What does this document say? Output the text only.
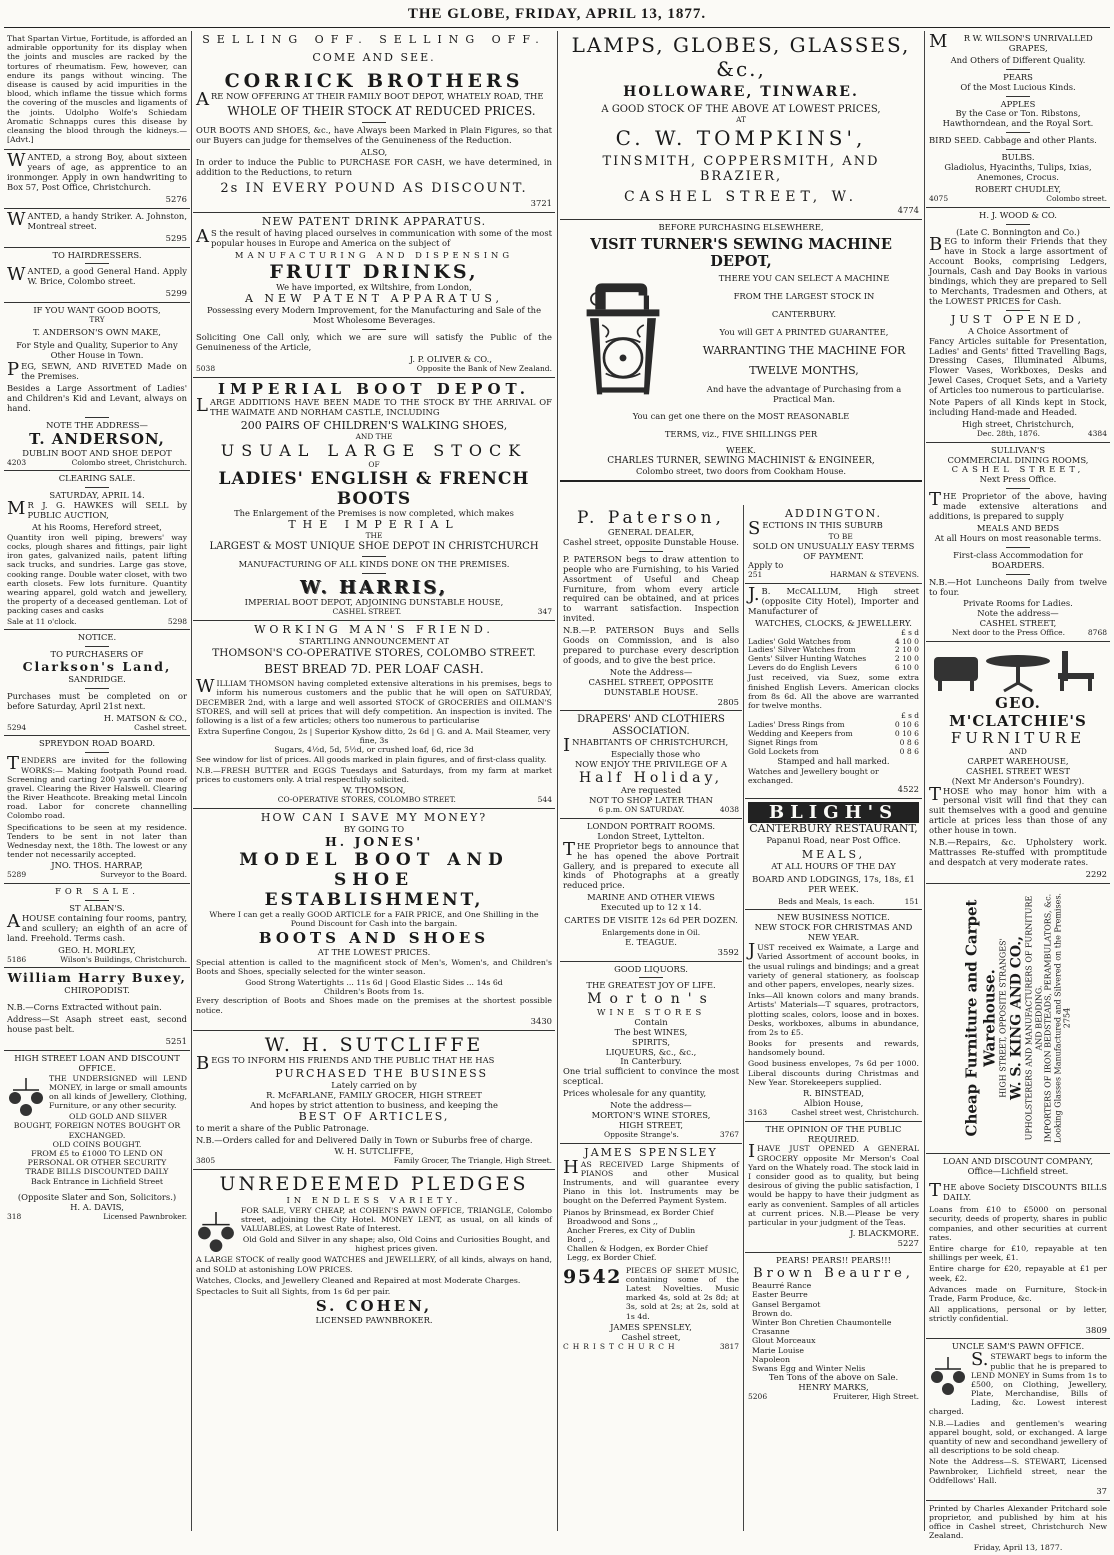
THE GLOBE, FRIDAY, APRIL 13, 1877.

That Spartan Virtue, Fortitude, is afforded an admirable opportunity for its display when the joints and muscles are racked by the tortures of rheumatism. Few, however, can endure its pangs without wincing. The disease is caused by acid impurities in the blood, which inflame the tissue which forms the covering of the muscles and ligaments of the joints. Udolpho Wolfe's Schiedam Aromatic Schnapps cures this disease by cleansing the blood through the kidneys.—[Advt.]

WANTED, a strong Boy, about sixteen years of age, as apprentice to an ironmonger. Apply in own handwriting to Box 57, Post Office, Christchurch.

5276

WANTED, a handy Striker. A. Johnston, Montreal street.

5295
TO HAIRDRESSERS.

WANTED, a good General Hand. Apply W. Brice, Colombo street.

5299
IF YOU WANT GOOD BOOTS,
TRY
T. ANDERSON'S OWN MAKE,

For Style and Quality, Superior to Any Other House in Town.

PEG, SEWN, AND RIVETED Made on the Premises.

Besides a Large Assortment of Ladies' and Children's Kid and Levant, always on hand.

NOTE THE ADDRESS—
T. ANDERSON,
DUBLIN BOOT AND SHOE DEPOT
4203	Colombo street, Christchurch.
CLEARING SALE.
SATURDAY, APRIL 14.

MR J. G. HAWKES will SELL by PUBLIC AUCTION,

At his Rooms, Hereford street,

Quantity iron well piping, brewers' way cocks, plough shares and fittings, pair light iron gates, galvanized nails, patent lifting sack trucks, and sundries. Large gas stove, cooking range. Double water closet, with two earth closets. Few lots furniture. Quantity wearing apparel, gold watch and jewellery, the property of a deceased gentleman. Lot of packing cases and casks

Sale at 11 o'clock.	5298
NOTICE.
TO PURCHASERS OF
Clarkson's Land,
SANDRIDGE.

Purchases must be completed on or before Saturday, April 21st next.

H. MATSON & CO.,
5294	Cashel street.
SPREYDON ROAD BOARD.

TENDERS are invited for the following WORKS:— Making footpath Pound road. Screening and carting 200 yards or more of gravel. Clearing the River Halswell. Clearing the River Heathcote. Breaking metal Lincoln road. Labor for concrete channelling Colombo road.

Specifications to be seen at my residence. Tenders to be sent in not later than Wednesday next, the 18th. The lowest or any tender not necessarily accepted.

JNO. THOS. HARRAP,
5289	Surveyor to the Board.
FOR SALE.
ST ALBAN'S.

AHOUSE containing four rooms, pantry, and scullery; an eighth of an acre of land. Freehold. Terms cash.

GEO. H. MORLEY,
5186	Wilson's Buildings, Christchurch.
William Harry Buxey,
CHIROPODIST.

N.B.—Corns Extracted without pain.

Address—St Asaph street east, second house past belt.

5251
HIGH STREET LOAN AND DISCOUNT OFFICE.

THE UNDERSIGNED will LEND MONEY, in large or small amounts on all kinds of Jewellery, Clothing, Furniture, or any other security.

OLD GOLD AND SILVER BOUGHT, FOREIGN NOTES BOUGHT OR EXCHANGED.
OLD COINS BOUGHT.
FROM £5 to £1000 TO LEND ON PERSONAL OR OTHER SECURITY
TRADE BILLS DISCOUNTED DAILY
Back Entrance in Lichfield Street
(Opposite Slater and Son, Solicitors.)
H. A. DAVIS,
318	Licensed Pawnbroker.
SELLING OFF. SELLING OFF.
COME AND SEE.
CORRICK BROTHERS

ARE NOW OFFERING AT THEIR FAMILY BOOT DEPOT, WHATELY ROAD, THE

WHOLE OF THEIR STOCK AT REDUCED PRICES.

OUR BOOTS AND SHOES, &c., have Always been Marked in Plain Figures, so that our Buyers can judge for themselves of the Genuineness of the Reduction.

ALSO,

In order to induce the Public to PURCHASE FOR CASH, we have determined, in addition to the Reductions, to return

2s IN EVERY POUND AS DISCOUNT.
3721
NEW PATENT DRINK APPARATUS.

AS the result of having placed ourselves in communication with some of the most popular houses in Europe and America on the subject of

MANUFACTURING AND DISPENSING
FRUIT DRINKS,
We have imported, ex Wiltshire, from London,
A NEW PATENT APPARATUS,

Possessing every Modern Improvement, for the Manufacturing and Sale of the Most Wholesome Beverages.

Soliciting One Call only, which we are sure will satisfy the Public of the Genuineness of the Article,

J. P. OLIVER & CO.,
5038	Opposite the Bank of New Zealand.
IMPERIAL BOOT DEPOT.

LARGE ADDITIONS HAVE BEEN MADE TO THE STOCK BY THE ARRIVAL OF THE WAIMATE AND NORHAM CASTLE, INCLUDING

200 PAIRS OF CHILDREN'S WALKING SHOES,
AND THE
USUAL LARGE STOCK
OF
LADIES' ENGLISH & FRENCH BOOTS
The Enlargement of the Premises is now completed, which makes
THE IMPERIAL
THE
LARGEST & MOST UNIQUE SHOE DEPOT IN CHRISTCHURCH
MANUFACTURING OF ALL KINDS DONE ON THE PREMISES.
W. HARRIS,
IMPERIAL BOOT DEPOT, ADJOINING DUNSTABLE HOUSE,
CASHEL STREET.	347
WORKING MAN'S FRIEND.
STARTLING ANNOUNCEMENT AT
THOMSON'S CO-OPERATIVE STORES, COLOMBO STREET.
BEST BREAD 7D. PER LOAF CASH.

WILLIAM THOMSON having completed extensive alterations in his premises, begs to inform his numerous customers and the public that he will open on SATURDAY, DECEMBER 2nd, with a large and well assorted STOCK of GROCERIES and OILMAN'S STORES, and will sell at prices that will defy competition. An inspection is invited. The following is a list of a few articles; others too numerous to particularise

Extra Superfine Congou, 2s | Superior Kyshow ditto, 2s 6d | G. and A. Mail Steamer, very fine, 3s
Sugars, 4½d, 5d, 5½d, or crushed loaf, 6d, rice 3d

See window for list of prices. All goods marked in plain figures, and of first-class quality.

N.B.—FRESH BUTTER and EGGS Tuesdays and Saturdays, from my farm at market prices to customers only. A trial respectfully solicited.

W. THOMSON,
CO-OPERATIVE STORES, COLOMBO STREET.	544
HOW CAN I SAVE MY MONEY?
BY GOING TO
H. JONES'
MODEL BOOT AND SHOE
ESTABLISHMENT,

Where I can get a really GOOD ARTICLE for a FAIR PRICE, and One Shilling in the Pound Discount for Cash into the bargain.

BOOTS AND SHOES
AT THE LOWEST PRICES.

Special attention is called to the magnificent stock of Men's, Women's, and Children's Boots and Shoes, specially selected for the winter season.

Good Strong Watertights ... 11s 6d | Good Elastic Sides ... 14s 6d
Children's Boots from 1s.

Every description of Boots and Shoes made on the premises at the shortest possible notice.

3430
W. H. SUTCLIFFE

BEGS TO INFORM HIS FRIENDS AND THE PUBLIC THAT HE HAS

PURCHASED THE BUSINESS
Lately carried on by
R. McFARLANE, FAMILY GROCER, HIGH STREET
And hopes by strict attention to business, and keeping the
BEST OF ARTICLES,

to merit a share of the Public Patronage.

N.B.—Orders called for and Delivered Daily in Town or Suburbs free of charge.

W. H. SUTCLIFFE,
3805	Family Grocer, The Triangle, High Street.
UNREDEEMED PLEDGES
IN ENDLESS VARIETY.

FOR SALE, VERY CHEAP, at COHEN'S PAWN OFFICE, TRIANGLE, Colombo street, adjoining the City Hotel. MONEY LENT, as usual, on all kinds of VALUABLES, at Lowest Rate of Interest.

Old Gold and Silver in any shape; also, Old Coins and Curiosities Bought, and highest prices given.

A LARGE STOCK of really good WATCHES and JEWELLERY, of all kinds, always on hand, and SOLD at astonishing LOW PRICES.

Watches, Clocks, and Jewellery Cleaned and Repaired at most Moderate Charges.

Spectacles to Suit all Sights, from 1s 6d per pair.

S. COHEN,
LICENSED PAWNBROKER.
LAMPS, GLOBES, GLASSES, &c.,
HOLLOWARE, TINWARE.
A GOOD STOCK OF THE ABOVE AT LOWEST PRICES,
AT
C. W. TOMPKINS',
TINSMITH, COPPERSMITH, AND BRAZIER,
CASHEL STREET, W.
4774
BEFORE PURCHASING ELSEWHERE,
VISIT TURNER'S SEWING MACHINE DEPOT,
THERE YOU CAN SELECT A MACHINE
FROM THE LARGEST STOCK IN
CANTERBURY.
You will GET A PRINTED GUARANTEE,
WARRANTING THE MACHINE FOR
TWELVE MONTHS,
And have the advantage of Purchasing from a Practical Man.
You can get one there on the MOST REASONABLE
TERMS, viz., FIVE SHILLINGS PER
WEEK.
CHARLES TURNER, SEWING MACHINIST & ENGINEER,
Colombo street, two doors from Cookham House.
P. Paterson,
GENERAL DEALER,
Cashel street, opposite Dunstable House.

P. PATERSON begs to draw attention to people who are Furnishing, to his Varied Assortment of Useful and Cheap Furniture, from whom every article required can be obtained, and at prices to warrant satisfaction. Inspection invited.

N.B.—P. PATERSON Buys and Sells Goods on Commission, and is also prepared to purchase every description of goods, and to give the best price.

Note the Address—
CASHEL STREET, OPPOSITE DUNSTABLE HOUSE.
2805
DRAPERS' AND CLOTHIERS ASSOCIATION.

INHABITANTS OF CHRISTCHURCH,

Especially those who
NOW ENJOY THE PRIVILEGE OF A
Half Holiday,
Are requested
NOT TO SHOP LATER THAN
6 p.m. ON SATURDAY.	4038
LONDON PORTRAIT ROOMS.
London Street, Lyttelton.

THE Proprietor begs to announce that he has opened the above Portrait Gallery, and is prepared to execute all kinds of Photographs at a greatly reduced price.

MARINE AND OTHER VIEWS
Executed up to 12 x 14.
CARTES DE VISITE 12s 6d PER DOZEN.
Enlargements done in Oil.
E. TEAGUE.
3592
GOOD LIQUORS.
THE GREATEST JOY OF LIFE.
Morton's
WINE STORES
Contain
The best WINES,
SPIRITS,
LIQUEURS, &c., &c.,
In Canterbury.

One trial sufficient to convince the most sceptical.

Prices wholesale for any quantity,

Note the address—
MORTON'S WINE STORES,
HIGH STREET,
Opposite Strange's.	3767
JAMES SPENSLEY

HAS RECEIVED Large Shipments of PIANOS and other Musical Instruments, and will guarantee every Piano in this lot. Instruments may be bought on the Deferred Payment System.

Pianos by Brinsmead, ex Border Chief
Broadwood and Sons ,,
Ancher Freres, ex City of Dublin
Bord ,,
Challen & Hodgen, ex Border Chief
Legg, ex Border Chief.
9542 PIECES OF SHEET MUSIC, containing some of the Latest Novelties. Music marked 4s, sold at 2s 8d; at 3s, sold at 2s; at 2s, sold at 1s 4d.

JAMES SPENSLEY,
Cashel street,
CHRISTCHURCH	3817
ADDINGTON.

SECTIONS IN THIS SUBURB

TO BE
SOLD ON UNUSUALLY EASY TERMS OF PAYMENT.
Apply to
251	HARMAN & STEVENS.

J.B. McCALLUM, High street (opposite City Hotel), Importer and Manufacturer of

WATCHES, CLOCKS, & JEWELLERY.
£ s d
Ladies' Gold Watches from	4 10 0
Ladies' Silver Watches from	2 10 0
Gents' Silver Hunting Watches	2 10 0
Levers do do English Levers	6 10 0

Just received, via Suez, some extra finished English Levers. American clocks from 8s 6d. All the above are warranted for twelve months.

£ s d
Ladies' Dress Rings from	0 10 6
Wedding and Keepers from	0 10 6
Signet Rings from	0 8 6
Gold Lockets from	0 8 6
Stamped and hall marked.
Watches and Jewellery bought or exchanged.
4522
BLIGH'S
CANTERBURY RESTAURANT,
Papanui Road, near Post Office.
MEALS,
AT ALL HOURS OF THE DAY
BOARD AND LODGINGS, 17s, 18s, £1 PER WEEK.
Beds and Meals, 1s each.	151
NEW BUSINESS NOTICE.
NEW STOCK FOR CHRISTMAS AND NEW YEAR.

JUST received ex Waimate, a Large and Varied Assortment of account books, in the usual rulings and bindings; and a great variety of general stationery, as foolscap and other papers, envelopes, nearly sizes.

Inks—All known colors and many brands. Artists' Materials—T squares, protractors, plotting scales, colors, loose and in boxes. Desks, workboxes, albums in abundance, from 2s to £5.

Books for presents and rewards, handsomely bound.

Good business envelopes, 7s 6d per 1000. Liberal discounts during Christmas and New Year. Storekeepers supplied.

R. BINSTEAD,
Albion House,
3163	Cashel street west, Christchurch.
THE OPINION OF THE PUBLIC REQUIRED.

IHAVE JUST OPENED A GENERAL GROCERY opposite Mr Merson's Coal Yard on the Whately road. The stock laid in I consider good as to quality, but being desirous of giving the public satisfaction, I would be happy to have their judgment as early as convenient. Samples of all articles at current prices. N.B.—Please be very particular in your judgment of the Teas.

J. BLACKMORE.
5227
PEARS! PEARS!! PEARS!!!
Brown Beaurre,
Beaurré Rance
Easter Beurre
Gansel Bergamot
Brown do.
Winter Bon Chretien Chaumontelle
Crasanne
Glout Morceaux
Marie Louise
Napoleon
Swans Egg and Winter Nelis
Ten Tons of the above on Sale.
HENRY MARKS,
5206	Fruiterer, High Street.

MR W. WILSON'S UNRIVALLED GRAPES,

And Others of Different Quality.
PEARS
Of the Most Lucious Kinds.
APPLES

By the Case or Ton. Ribstons, Hawthorndean, and the Royal Sort.

BIRD SEED. Cabbage and other Plants.
BULBS.

Gladiolus, Hyacinths, Tulips, Ixias, Anemones, Crocus.

ROBERT CHUDLEY,
4075	Colombo street.
H. J. WOOD & CO.
(Late C. Bonnington and Co.)

BEG to inform their Friends that they have in Stock a large assortment of Account Books, comprising Ledgers, Journals, Cash and Day Books in various bindings, which they are prepared to Sell to Merchants, Tradesmen and Others, at the LOWEST PRICES for Cash.

JUST OPENED,
A Choice Assortment of

Fancy Articles suitable for Presentation, Ladies' and Gents' fitted Travelling Bags, Dressing Cases, Illuminated Albums, Flower Vases, Workboxes, Desks and Jewel Cases, Croquet Sets, and a Variety of Articles too numerous to particularise.

Note Papers of all Kinds kept in Stock, including Hand-made and Headed.

High street, Christchurch,
Dec. 28th, 1876.	4384
SULLIVAN'S
COMMERCIAL DINING ROOMS,
CASHEL STREET,
Next Press Office.

THE Proprietor of the above, having made extensive alterations and additions, is prepared to supply

MEALS AND BEDS
At all Hours on most reasonable terms.
First-class Accommodation for BOARDERS.

N.B.—Hot Luncheons Daily from twelve to four.

Private Rooms for Ladies.
Note the address—
CASHEL STREET,
Next door to the Press Office.	8768
GEO. M'CLATCHIE'S
FURNITURE
AND
CARPET WAREHOUSE,
CASHEL STREET WEST
(Next Mr Anderson's Foundry).

THOSE who may honor him with a personal visit will find that they can suit themselves with a good and genuine article at prices less than those of any other house in town.

N.B.—Repairs, &c. Upholstery work. Mattrasses Re-stuffed with promptitude and despatch at very moderate rates.

2292
Cheap Furniture and Carpet Warehouse. HIGH STREET, OPPOSITE STRANGES' W. S. KING AND CO., UPHOLSTERERS AND MANUFACTURERS OF FURNITURE AND BEDDING. IMPORTERS OF IRON BEDSTEADS, PERAMBULATORS, &c. Looking Glasses Manufactured and Silvered on the Premises. 2754
LOAN AND DISCOUNT COMPANY,
Office—Lichfield street.

THE above Society DISCOUNTS BILLS DAILY.

Loans from £10 to £5000 on personal security, deeds of property, shares in public companies, and other securities at current rates.

Entire charge for £10, repayable at ten shillings per week, £1.

Entire charge for £20, repayable at £1 per week, £2.

Advances made on Furniture, Stock-in Trade, Farm Produce, &c.

All applications, personal or by letter, strictly confidential.

3809
UNCLE SAM'S PAWN OFFICE.

S.STEWART begs to inform the public that he is prepared to LEND MONEY in Sums from 1s to £500, on Clothing, Jewellery, Plate, Merchandise, Bills of Lading, &c. Lowest interest charged.

N.B.—Ladies and gentlemen's wearing apparel bought, sold, or exchanged. A large quantity of new and secondhand jewellery of all descriptions to be sold cheap.

Note the Address—S. STEWART, Licensed Pawnbroker, Lichfield street, near the Oddfellows' Hall.

37

Printed by Charles Alexander Pritchard sole proprietor, and published by him at his office in Cashel street, Christchurch New Zealand.

Friday, April 13, 1877.
